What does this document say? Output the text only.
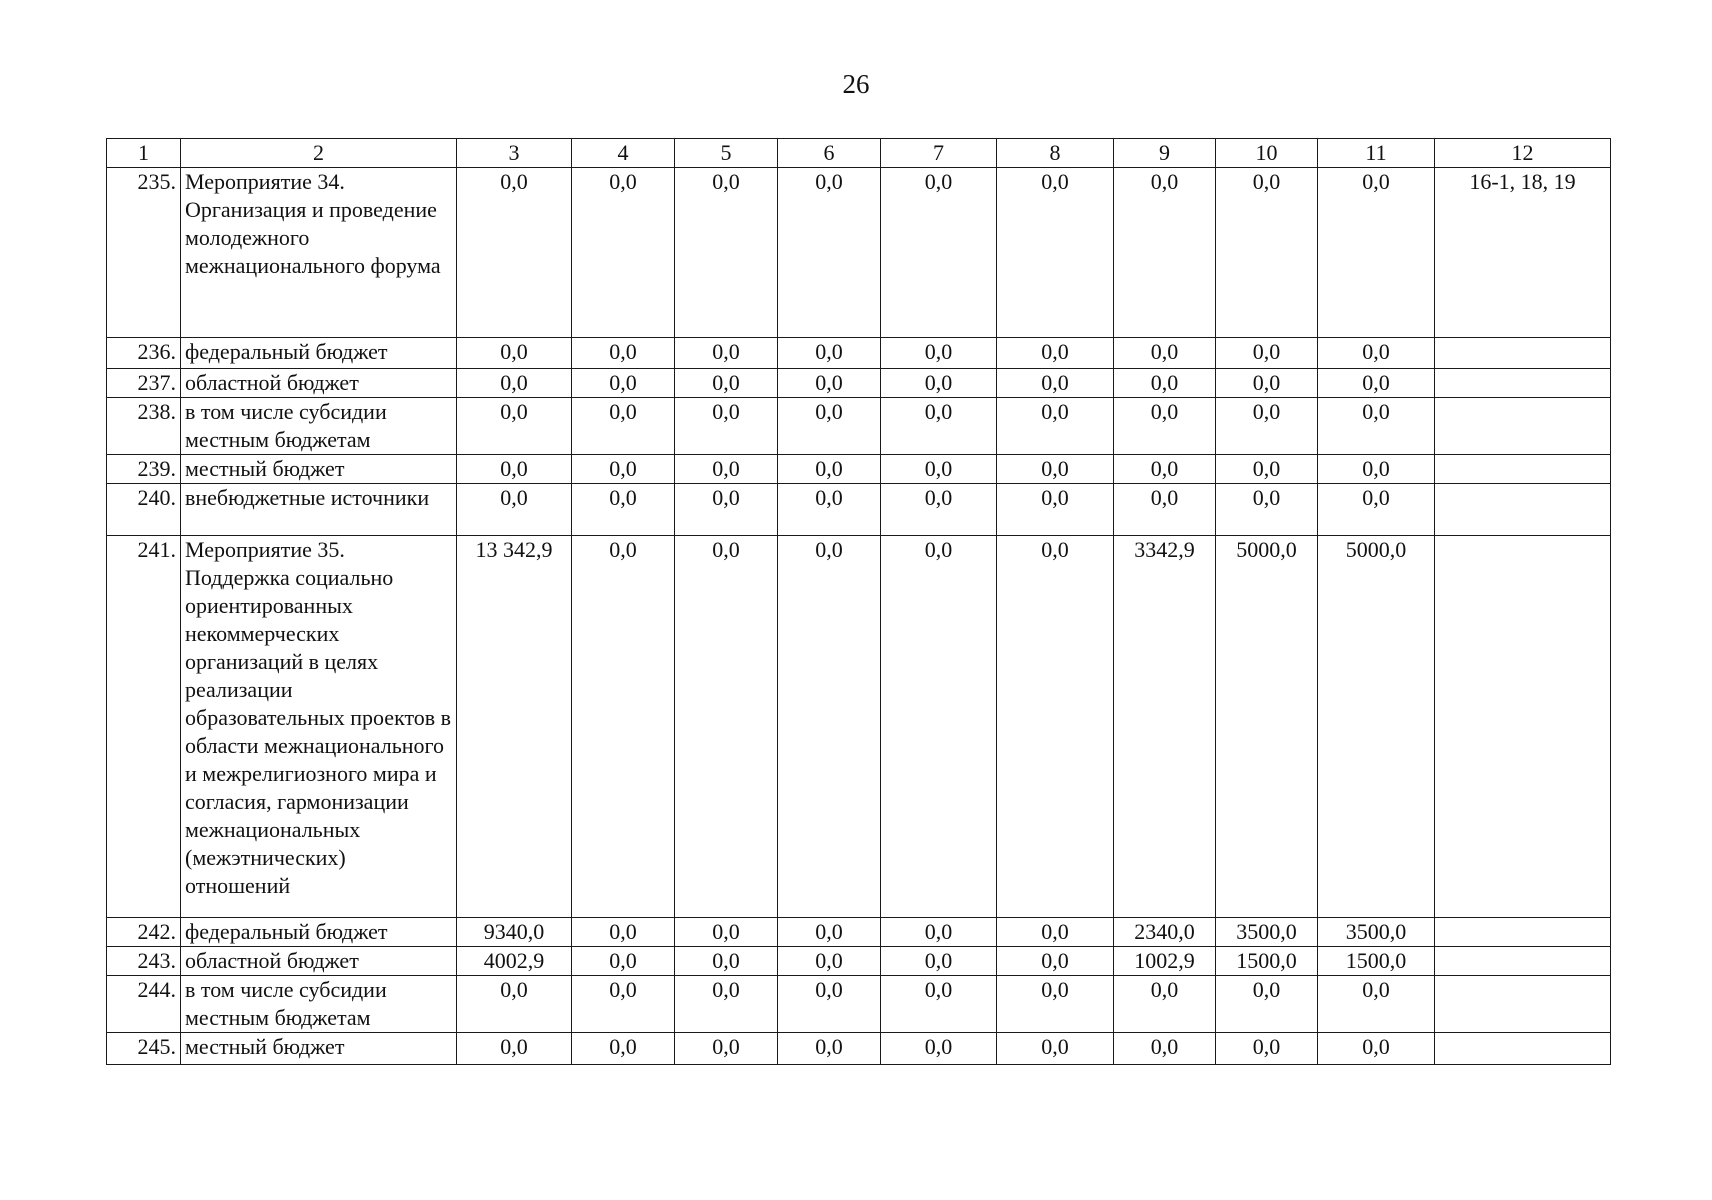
26
1	2	3	4	5	6	7	8	9	10	11	12
235.	Мероприятие 34. Организация и проведение молодежного межнационального форума	0,0	0,0	0,0	0,0	0,0	0,0	0,0	0,0	0,0	16-1, 18, 19
236.	федеральный бюджет	0,0	0,0	0,0	0,0	0,0	0,0	0,0	0,0	0,0	
237.	областной бюджет	0,0	0,0	0,0	0,0	0,0	0,0	0,0	0,0	0,0	
238.	в том числе субсидии местным бюджетам	0,0	0,0	0,0	0,0	0,0	0,0	0,0	0,0	0,0	
239.	местный бюджет	0,0	0,0	0,0	0,0	0,0	0,0	0,0	0,0	0,0	
240.	внебюджетные источники	0,0	0,0	0,0	0,0	0,0	0,0	0,0	0,0	0,0	
241.	Мероприятие 35. Поддержка социально ориентированных некоммерческих организаций в целях реализации образовательных проектов в области межнационального и межрелигиозного мира и согласия, гармонизации межнациональных (межэтнических) отношений	13 342,9	0,0	0,0	0,0	0,0	0,0	3342,9	5000,0	5000,0	
242.	федеральный бюджет	9340,0	0,0	0,0	0,0	0,0	0,0	2340,0	3500,0	3500,0	
243.	областной бюджет	4002,9	0,0	0,0	0,0	0,0	0,0	1002,9	1500,0	1500,0	
244.	в том числе субсидии местным бюджетам	0,0	0,0	0,0	0,0	0,0	0,0	0,0	0,0	0,0	
245.	местный бюджет	0,0	0,0	0,0	0,0	0,0	0,0	0,0	0,0	0,0	
